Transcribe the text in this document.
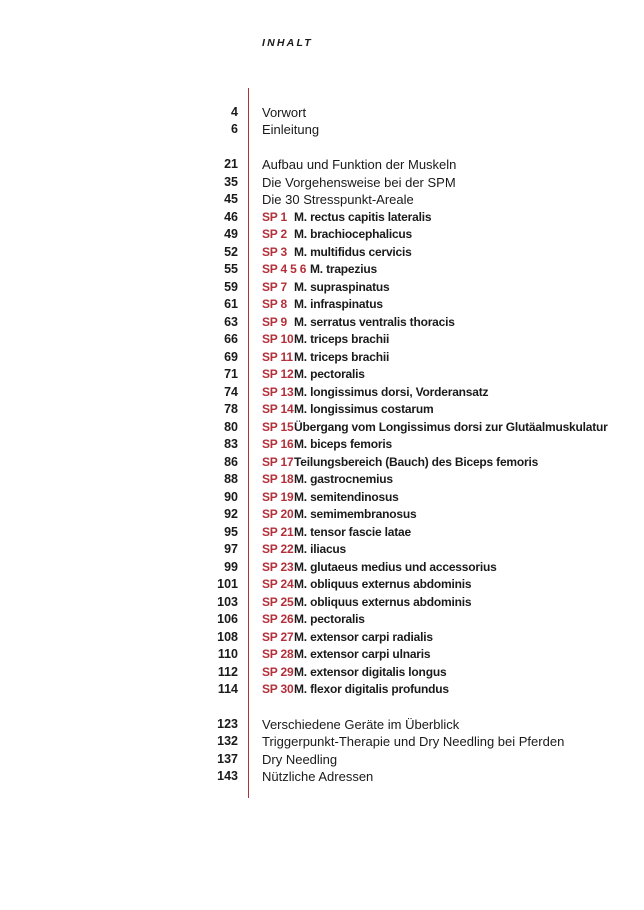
INHALT
4 Vorwort
6 Einleitung
21 Aufbau und Funktion der Muskeln
35 Die Vorgehensweise bei der SPM
45 Die 30 Stresspunkt-Areale
46 SP 1 M. rectus capitis lateralis
49 SP 2 M. brachiocephalicus
52 SP 3 M. multifidus cervicis
55 SP 4 5 6 M. trapezius
59 SP 7 M. supraspinatus
61 SP 8 M. infraspinatus
63 SP 9 M. serratus ventralis thoracis
66 SP 10M. triceps brachii
69 SP 11M. triceps brachii
71 SP 12M. pectoralis
74 SP 13M. longissimus dorsi, Vorderansatz
78 SP 14M. longissimus costarum
80 SP 15Übergang vom Longissimus dorsi zur Glutäalmuskulatur
83 SP 16M. biceps femoris
86 SP 17Teilungsbereich (Bauch) des Biceps femoris
88 SP 18M. gastrocnemius
90 SP 19M. semitendinosus
92 SP 20M. semimembranosus
95 SP 21M. tensor fascie latae
97 SP 22M. iliacus
99 SP 23M. glutaeus medius und accessorius
101 SP 24M. obliquus externus abdominis
103 SP 25M. obliquus externus abdominis
106 SP 26M. pectoralis
108 SP 27M. extensor carpi radialis
110 SP 28M. extensor carpi ulnaris
112 SP 29M. extensor digitalis longus
114 SP 30M. flexor digitalis profundus
123 Verschiedene Geräte im Überblick
132 Triggerpunkt-Therapie und Dry Needling bei Pferden
137 Dry Needling
143 Nützliche Adressen
